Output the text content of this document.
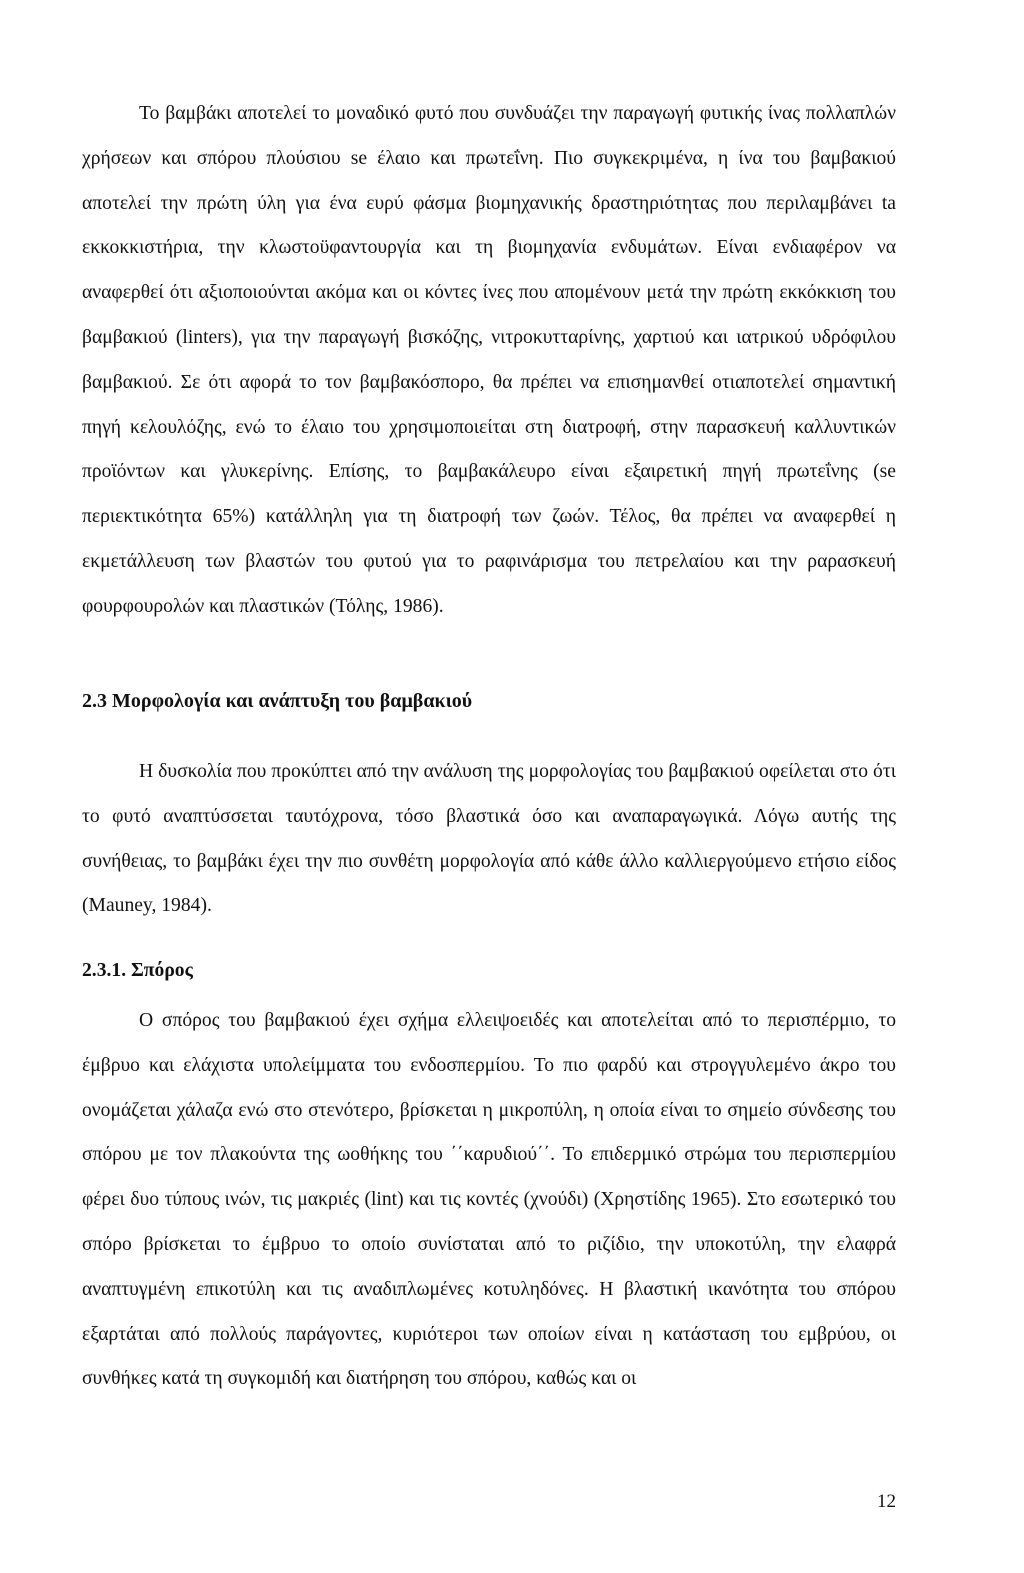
Το βαμβάκι αποτελεί το μοναδικό φυτό που συνδυάζει την παραγωγή φυτικής ίνας πολλαπλών χρήσεων και σπόρου πλούσιου se έλαιο και πρωτεΐνη. Πιο συγκεκριμένα, η ίνα του βαμβακιού αποτελεί την πρώτη ύλη για ένα ευρύ φάσμα βιομηχανικής δραστηριότητας που περιλαμβάνει ta εκκοκκιστήρια, την κλωστοϋφαντουργία και τη βιομηχανία ενδυμάτων. Είναι ενδιαφέρον να αναφερθεί ότι αξιοποιούνται ακόμα και οι κόντες ίνες που απομένουν μετά την πρώτη εκκόκκιση του βαμβακιού (linters), για την παραγωγή βισκόζης, νιτροκυτταρίνης, χαρτιού και ιατρικού υδρόφιλου βαμβακιού. Σε ότι αφορά το τον βαμβακόσπορο, θα πρέπει να επισημανθεί οτιαποτελεί σημαντική πηγή κελουλόζης, ενώ το έλαιο του χρησιμοποιείται στη διατροφή, στην παρασκευή καλλυντικών προϊόντων και γλυκερίνης. Επίσης, το βαμβακάλευρο είναι εξαιρετική πηγή πρωτεΐνης (se περιεκτικότητα 65%) κατάλληλη για τη διατροφή των ζωών. Τέλος, θα πρέπει να αναφερθεί η εκμετάλλευση των βλαστών του φυτού για το ραφινάρισμα του πετρελαίου και την ραρασκευή φουρφουρολών και πλαστικών (Τόλης, 1986).

2.3 Μορφολογία και ανάπτυξη του βαμβακιού

Η δυσκολία που προκύπτει από την ανάλυση της μορφολογίας του βαμβακιού οφείλεται στο ότι το φυτό αναπτύσσεται ταυτόχρονα, τόσο βλαστικά όσο και αναπαραγωγικά. Λόγω αυτής της συνήθειας, το βαμβάκι έχει την πιο συνθέτη μορφολογία από κάθε άλλο καλλιεργούμενο ετήσιο είδος (Mauney, 1984).

2.3.1. Σπόρος

Ο σπόρος του βαμβακιού έχει σχήμα ελλειψοειδές και αποτελείται από το περισπέρμιο, το έμβρυο και ελάχιστα υπολείμματα του ενδοσπερμίου. Το πιο φαρδύ και στρογγυλεμένο άκρο του ονομάζεται χάλαζα ενώ στο στενότερο, βρίσκεται η μικροπύλη, η οποία είναι το σημείο σύνδεσης του σπόρου με τον πλακούντα της ωοθήκης του ΄΄καρυδιού΄΄. Το επιδερμικό στρώμα του περισπερμίου φέρει δυο τύπους ινών, τις μακριές (lint) και τις κοντές (χνούδι) (Χρηστίδης 1965). Στο εσωτερικό του σπόρο βρίσκεται το έμβρυο το οποίο συνίσταται από το ριζίδιο, την υποκοτύλη, την ελαφρά αναπτυγμένη επικοτύλη και τις αναδιπλωμένες κοτυληδόνες. Η βλαστική ικανότητα του σπόρου εξαρτάται από πολλούς παράγοντες, κυριότεροι των οποίων είναι η κατάσταση του εμβρύου, οι συνθήκες κατά τη συγκομιδή και διατήρηση του σπόρου, καθώς και οι

12
